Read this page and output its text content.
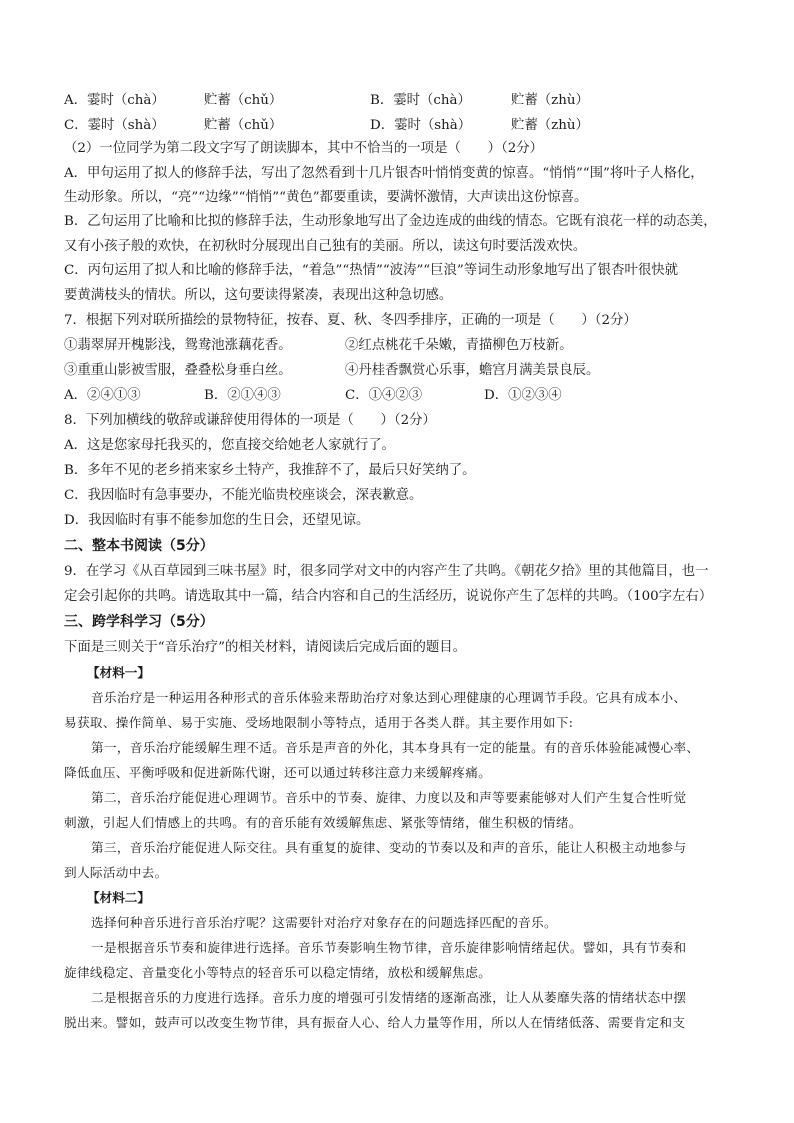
A．霎时（chà）	贮蓄（chǔ）	B．霎时（chà）	贮蓄（zhù）
C．霎时（shà）	贮蓄（chǔ）	D．霎时（shà）	贮蓄（zhù）
（2）一位同学为第二段文字写了朗读脚本，其中不恰当的一项是（　　）（2分）
A．甲句运用了拟人的修辞手法，写出了忽然看到十几片银杏叶悄悄变黄的惊喜。“悄悄”“围”将叶子人格化，
生动形象。所以，“亮”“边缘”“悄悄”“黄色”都要重读，要满怀激情，大声读出这份惊喜。
B．乙句运用了比喻和比拟的修辞手法，生动形象地写出了金边连成的曲线的情态。它既有浪花一样的动态美，
又有小孩子般的欢快，在初秋时分展现出自己独有的美丽。所以，读这句时要活泼欢快。
C．丙句运用了拟人和比喻的修辞手法，“着急”“热情”“波涛”“巨浪”等词生动形象地写出了银杏叶很快就
要黄满枝头的情状。所以，这句要读得紧凑，表现出这种急切感。
7．根据下列对联所描绘的景物特征，按春、夏、秋、冬四季排序，正确的一项是（　　）（2分）
①翡翠屏开槐影浅，鸳鸯池涨藕花香。	②红点桃花千朵嫩，青描柳色万枝新。
③重重山影被雪服，叠叠松身垂白丝。	④丹桂香飘赏心乐事，蟾宫月满美景良辰。
A．②④①③	B．②①④③	C．①④②③	D．①②③④
8．下列加横线的敬辞或谦辞使用得体的一项是（　　）（2分）
A．这是您家母托我买的，您直接交给她老人家就行了。
B．多年不见的老乡捎来家乡土特产，我推辞不了，最后只好笑纳了。
C．我因临时有急事要办，不能光临贵校座谈会，深表歉意。
D．我因临时有事不能参加您的生日会，还望见谅。
二、整本书阅读（5分）
9．在学习《从百草园到三味书屋》时，很多同学对文中的内容产生了共鸣。《朝花夕拾》里的其他篇目，也一
定会引起你的共鸣。请选取其中一篇，结合内容和自己的生活经历，说说你产生了怎样的共鸣。（100字左右）
三、跨学科学习（5分）
下面是三则关于“音乐治疗”的相关材料，请阅读后完成后面的题目。
【材料一】
音乐治疗是一种运用各种形式的音乐体验来帮助治疗对象达到心理健康的心理调节手段。它具有成本小、
易获取、操作简单、易于实施、受场地限制小等特点，适用于各类人群。其主要作用如下:
第一，音乐治疗能缓解生理不适。音乐是声音的外化，其本身具有一定的能量。有的音乐体验能减慢心率、
降低血压、平衡呼吸和促进新陈代谢，还可以通过转移注意力来缓解疼痛。
第二，音乐治疗能促进心理调节。音乐中的节奏、旋律、力度以及和声等要素能够对人们产生复合性听觉
刺激，引起人们情感上的共鸣。有的音乐能有效缓解焦虑、紧张等情绪，催生积极的情绪。
第三，音乐治疗能促进人际交往。具有重复的旋律、变动的节奏以及和声的音乐，能让人积极主动地参与
到人际活动中去。
【材料二】
选择何种音乐进行音乐治疗呢？这需要针对治疗对象存在的问题选择匹配的音乐。
一是根据音乐节奏和旋律进行选择。音乐节奏影响生物节律，音乐旋律影响情绪起伏。譬如，具有节奏和
旋律线稳定、音量变化小等特点的轻音乐可以稳定情绪，放松和缓解焦虑。
二是根据音乐的力度进行选择。音乐力度的增强可引发情绪的逐渐高涨，让人从萎靡失落的情绪状态中摆
脱出来。譬如，鼓声可以改变生物节律，具有振奋人心、给人力量等作用，所以人在情绪低落、需要肯定和支
